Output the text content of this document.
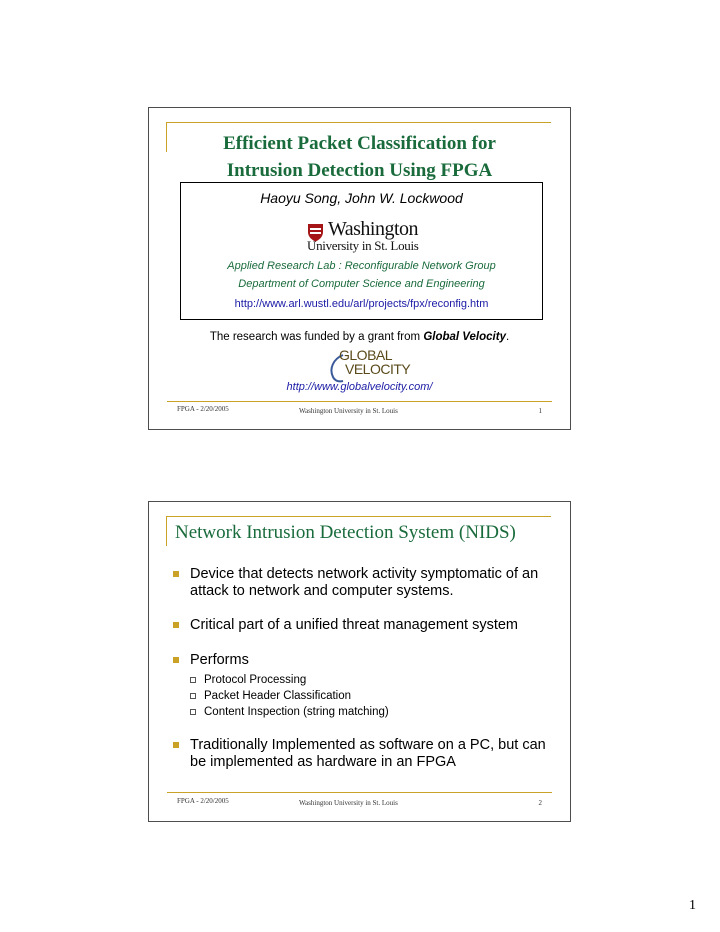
Efficient Packet Classification for
Intrusion Detection Using FPGA
Haoyu Song, John W. Lockwood
Washington
University in St. Louis
Applied Research Lab : Reconfigurable Network Group
Department of Computer Science and Engineering
http://www.arl.wustl.edu/arl/projects/fpx/reconfig.htm
The research was funded by a grant from Global Velocity.
GLOBAL
VELOCITY
http://www.globalvelocity.com/
FPGA - 2/20/2005	Washington University in St. Louis	1
Network Intrusion Detection System (NIDS)
Device that detects network activity symptomatic of an attack to network and computer systems.
Critical part of a unified threat management system
Performs
Protocol Processing
Packet Header Classification
Content Inspection (string matching)
Traditionally Implemented as software on a PC, but can be implemented as hardware in an FPGA
FPGA - 2/20/2005	Washington University in St. Louis	2
1
